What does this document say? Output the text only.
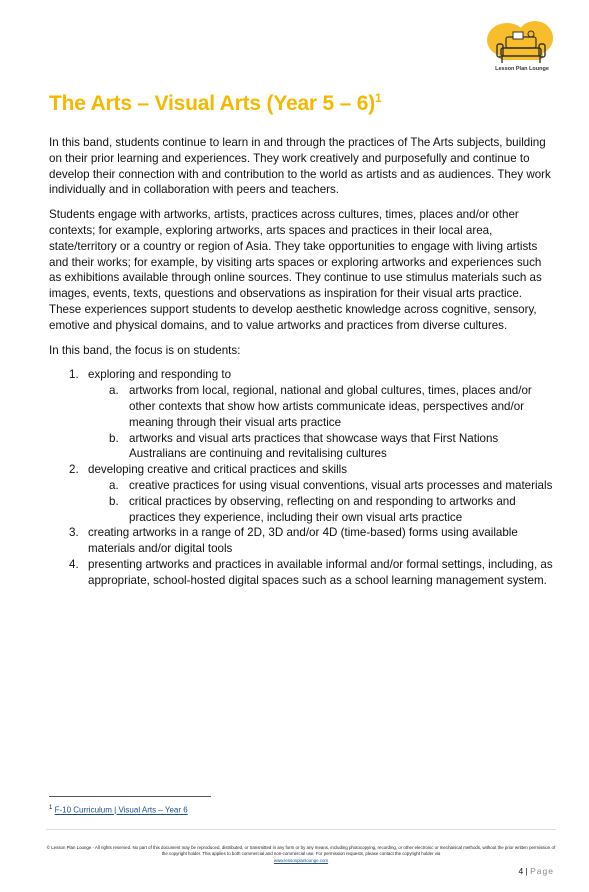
Lesson Plan Lounge
The Arts – Visual Arts (Year 5 – 6)$^1$

In this band, students continue to learn in and through the practices of The Arts subjects, building on their prior learning and experiences. They work creatively and purposefully and continue to develop their connection with and contribution to the world as artists and as audiences. They work individually and in collaboration with peers and teachers.

Students engage with artworks, artists, practices across cultures, times, places and/or other contexts; for example, exploring artworks, arts spaces and practices in their local area, state/territory or a country or region of Asia. They take opportunities to engage with living artists and their works; for example, by visiting arts spaces or exploring artworks and experiences such as exhibitions available through online sources. They continue to use stimulus materials such as images, events, texts, questions and observations as inspiration for their visual arts practice. These experiences support students to develop aesthetic knowledge across cognitive, sensory, emotive and physical domains, and to value artworks and practices from diverse cultures.

In this band, the focus is on students:

1. exploring and responding to
a. artworks from local, regional, national and global cultures, times, places and/or other contexts that show how artists communicate ideas, perspectives and/or meaning through their visual arts practice
b. artworks and visual arts practices that showcase ways that First Nations Australians are continuing and revitalising cultures
2. developing creative and critical practices and skills
a. creative practices for using visual conventions, visual arts processes and materials
b. critical practices by observing, reflecting on and responding to artworks and practices they experience, including their own visual arts practice
3. creating artworks in a range of 2D, 3D and/or 4D (time-based) forms using available materials and/or digital tools
4. presenting artworks and practices in available informal and/or formal settings, including, as appropriate, school-hosted digital spaces such as a school learning management system.
$^1$ F-10 Curriculum | Visual Arts – Year 6
© Lesson Plan Lounge - All rights reserved. No part of this document may be reproduced, distributed, or transmitted in any form or by any means, including photocopying, recording, or other electronic or mechanical methods, without the prior written permission of the copyright holder. This applies to both commercial and non-commercial use. For permission requests, please contact the copyright holder via
www.lessonplanlounge.com
4 | Page
